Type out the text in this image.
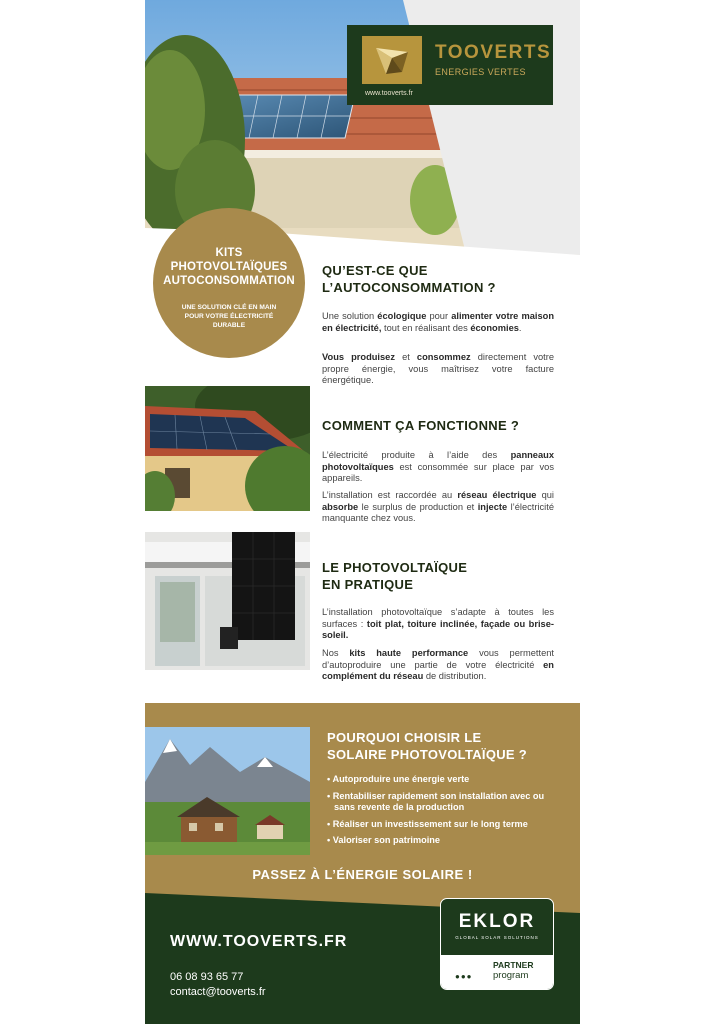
TOOVERTS
ENERGIES VERTES
www.tooverts.fr
KITS
PHOTOVOLTAÏQUES
AUTOCONSOMMATION
UNE SOLUTION CLÉ EN MAIN
POUR VOTRE ÉLECTRICITÉ
DURABLE
QU’EST-CE QUE
L’AUTOCONSOMMATION ?
Une solution écologique pour alimenter votre maison en électricité, tout en réalisant des économies.
Vous produisez et consommez directement votre propre énergie, vous maîtrisez votre facture énergétique.
COMMENT ÇA FONCTIONNE ?
L’électricité produite à l’aide des panneaux photovoltaïques est consommée sur place par vos appareils.
L’installation est raccordée au réseau électrique qui absorbe le surplus de production et injecte l’électricité manquante chez vous.
LE PHOTOVOLTAÏQUE
EN PRATIQUE
L’installation photovoltaïque s’adapte à toutes les surfaces : toit plat, toiture inclinée, façade ou brise-soleil.
Nos kits haute performance vous permettent d’autoproduire une partie de votre électricité en complément du réseau de distribution.
POURQUOI CHOISIR LE
SOLAIRE PHOTOVOLTAÏQUE ?
• Autoproduire une énergie verte
• Rentabiliser rapidement son installation avec ou sans revente de la production
• Réaliser un investissement sur le long terme
• Valoriser son patrimoine
PASSEZ À L’ÉNERGIE SOLAIRE !
WWW.TOOVERTS.FR
06 08 93 65 77
contact@tooverts.fr
EKLOR
GLOBAL SOLAR SOLUTIONS
●●●
PARTNER
program
